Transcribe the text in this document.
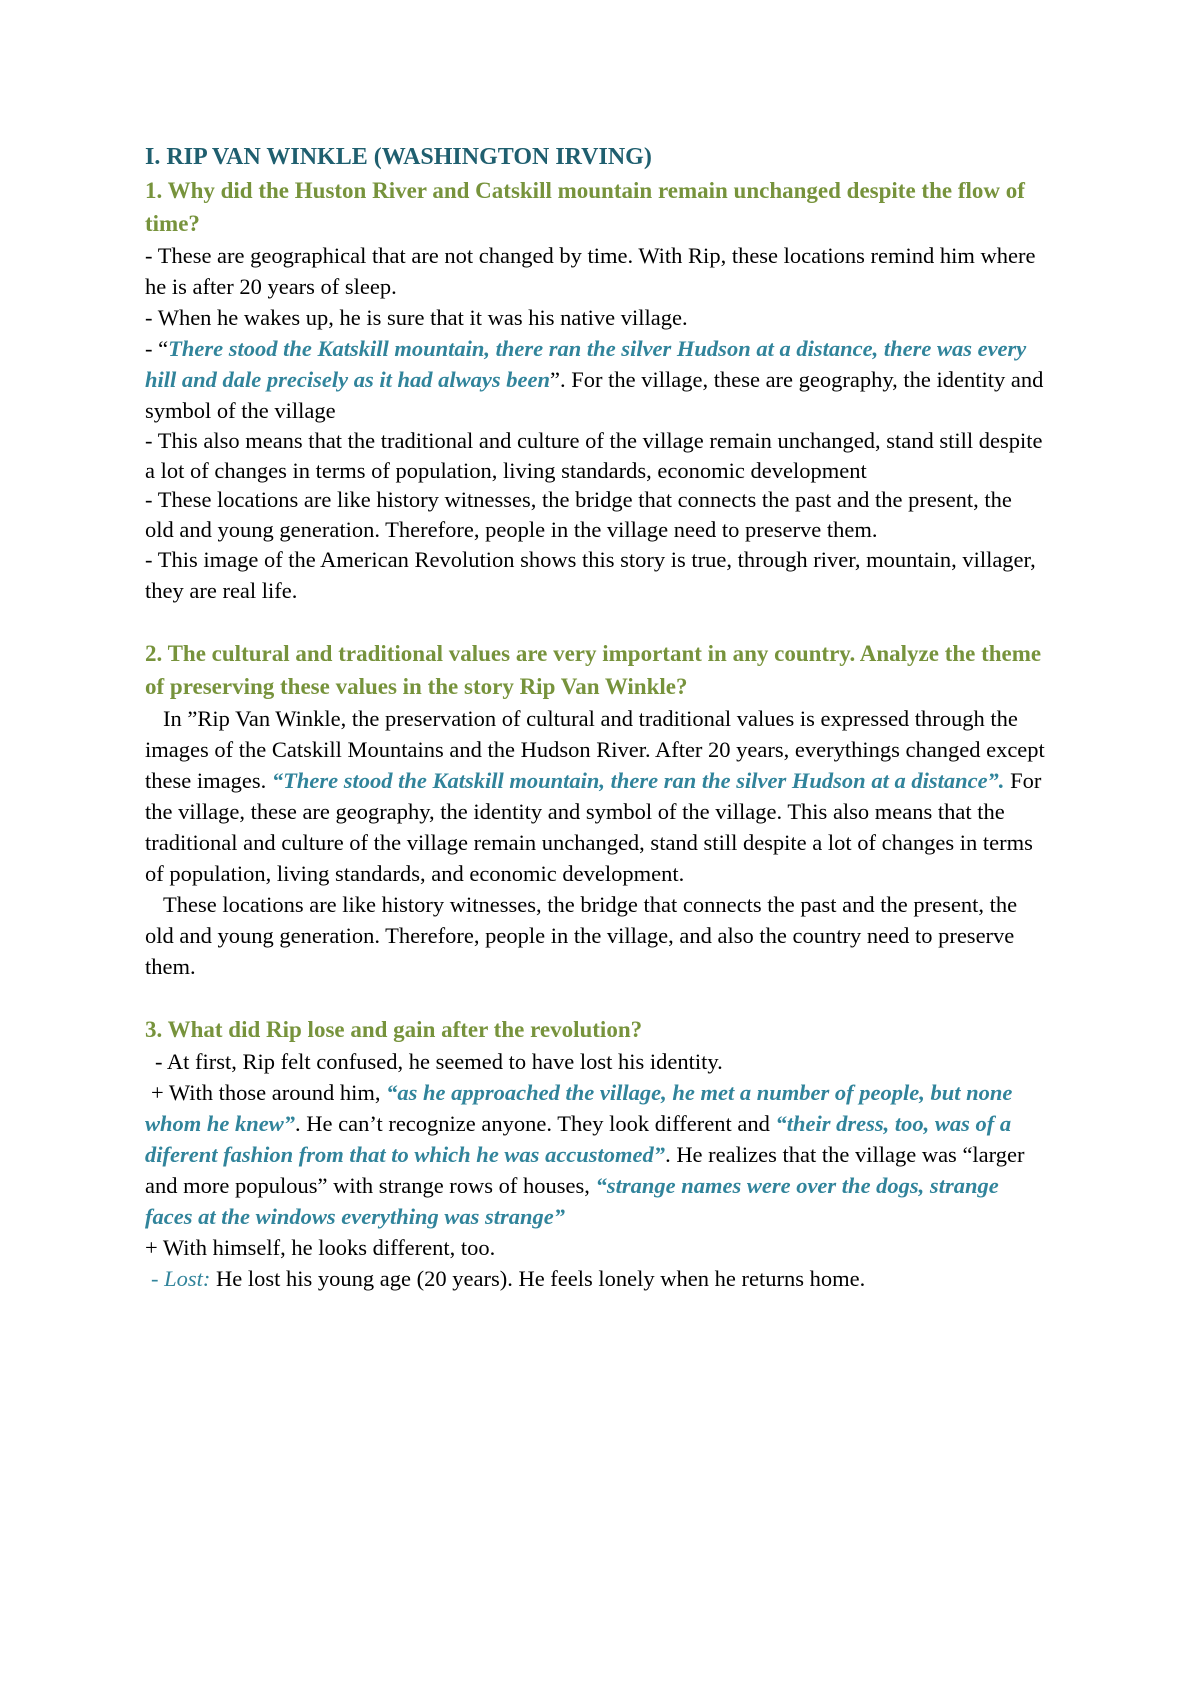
I. RIP VAN WINKLE (WASHINGTON IRVING)

1. Why did the Huston River and Catskill mountain remain unchanged despite the flow of time?

- These are geographical that are not changed by time. With Rip, these locations remind him where he is after 20 years of sleep.

- When he wakes up, he is sure that it was his native village.

- “There stood the Katskill mountain, there ran the silver Hudson at a distance, there was every hill and dale precisely as it had always been”. For the village, these are geography, the identity and symbol of the village

- This also means that the traditional and culture of the village remain unchanged, stand still despite a lot of changes in terms of population, living standards, economic development

- These locations are like history witnesses, the bridge that connects the past and the present, the old and young generation. Therefore, people in the village need to preserve them.

- This image of the American Revolution shows this story is true, through river, mountain, villager, they are real life.

2. The cultural and traditional values are very important in any country. Analyze the theme of preserving these values in the story Rip Van Winkle?

In ”Rip Van Winkle, the preservation of cultural and traditional values is expressed through the images of the Catskill Mountains and the Hudson River. After 20 years, everythings changed except these images. “There stood the Katskill mountain, there ran the silver Hudson at a distance”. For the village, these are geography, the identity and symbol of the village. This also means that the traditional and culture of the village remain unchanged, stand still despite a lot of changes in terms of population, living standards, and economic development.

These locations are like history witnesses, the bridge that connects the past and the present, the old and young generation. Therefore, people in the village, and also the country need to preserve them.

3. What did Rip lose and gain after the revolution?

- At first, Rip felt confused, he seemed to have lost his identity.

+ With those around him, “as he approached the village, he met a number of people, but none whom he knew”. He can’t recognize anyone. They look different and “their dress, too, was of a diferent fashion from that to which he was accustomed”. He realizes that the village was “larger and more populous” with strange rows of houses, “strange names were over the dogs, strange faces at the windows everything was strange”

+ With himself, he looks different, too.

- Lost: He lost his young age (20 years). He feels lonely when he returns home.
